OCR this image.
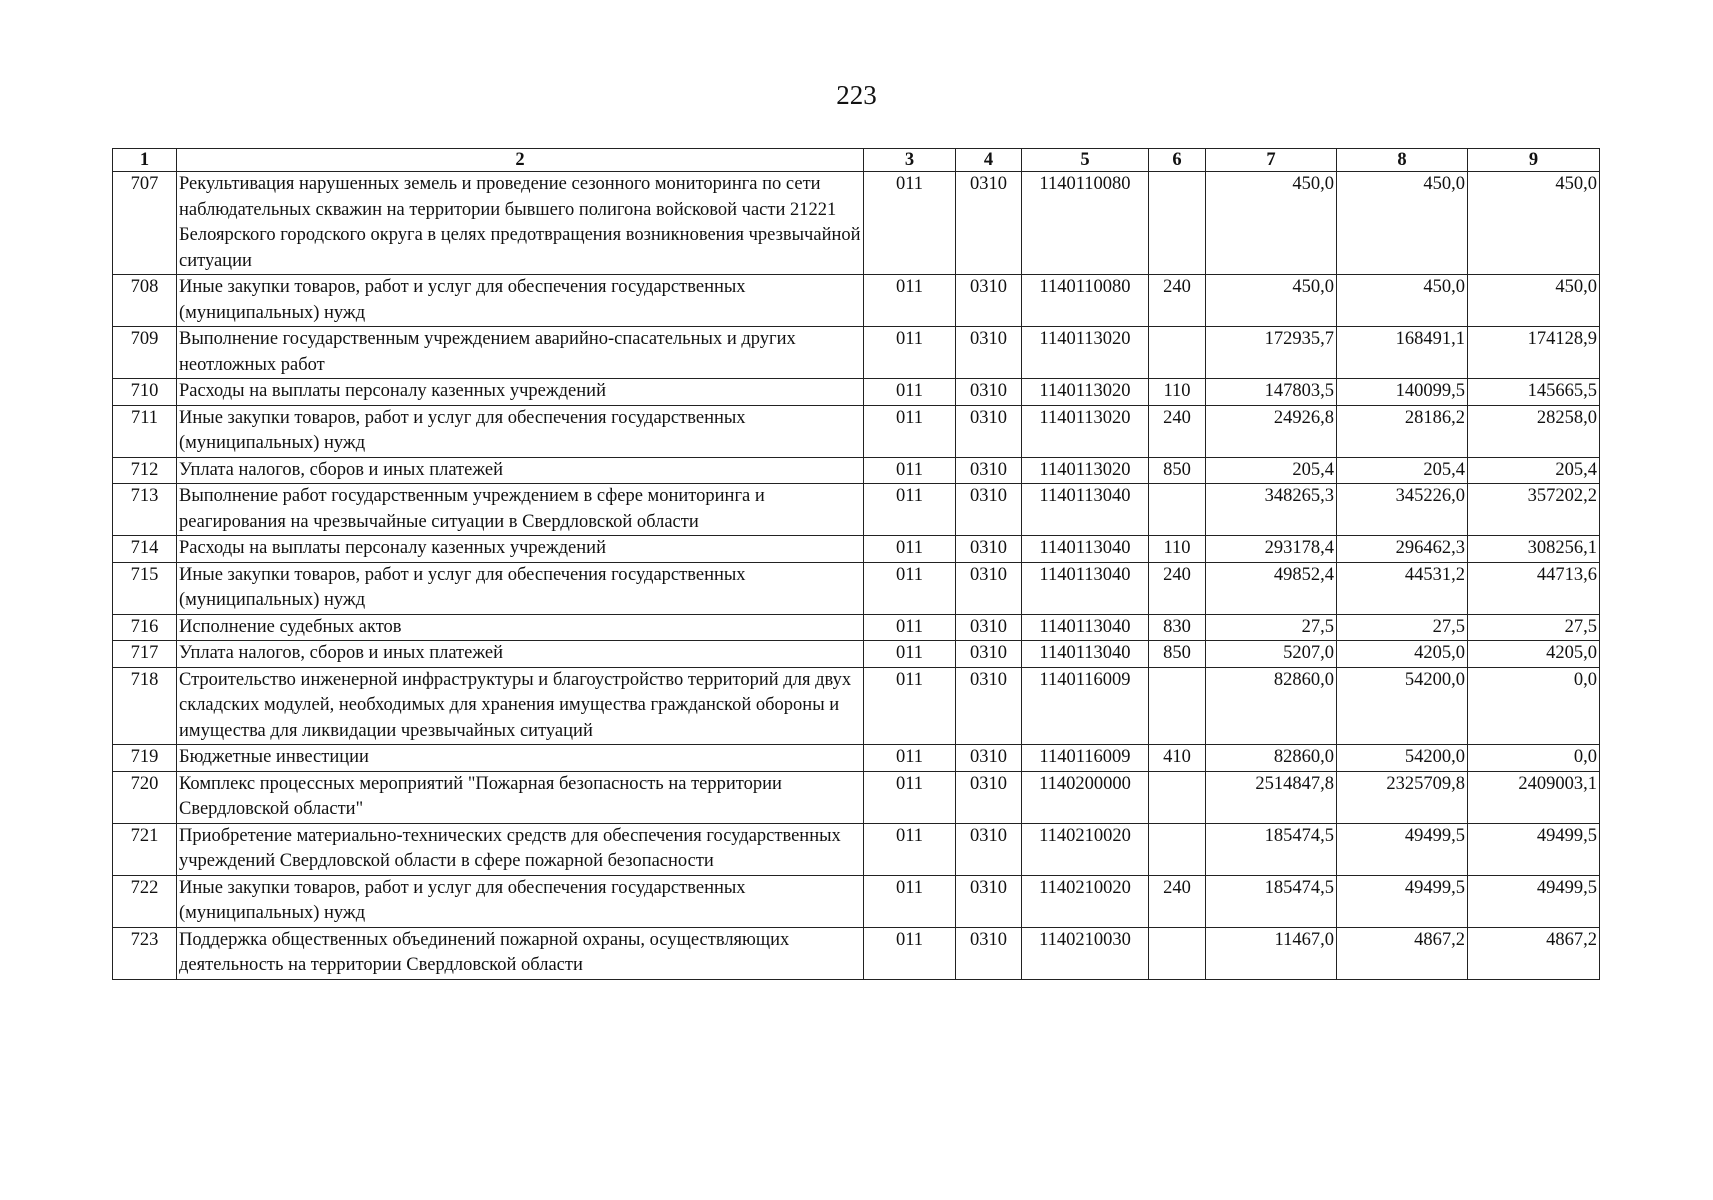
223
1	2	3	4	5	6	7	8	9
707	Рекультивация нарушенных земель и проведение сезонного мониторинга по сети наблюдательных скважин на территории бывшего полигона войсковой части 21221 Белоярского городского округа в целях предотвращения возникновения чрезвычайной ситуации	011	0310	1140110080		450,0	450,0	450,0
708	Иные закупки товаров, работ и услуг для обеспечения государственных (муниципальных) нужд	011	0310	1140110080	240	450,0	450,0	450,0
709	Выполнение государственным учреждением аварийно-спасательных и других неотложных работ	011	0310	1140113020		172935,7	168491,1	174128,9
710	Расходы на выплаты персоналу казенных учреждений	011	0310	1140113020	110	147803,5	140099,5	145665,5
711	Иные закупки товаров, работ и услуг для обеспечения государственных (муниципальных) нужд	011	0310	1140113020	240	24926,8	28186,2	28258,0
712	Уплата налогов, сборов и иных платежей	011	0310	1140113020	850	205,4	205,4	205,4
713	Выполнение работ государственным учреждением в сфере мониторинга и реагирования на чрезвычайные ситуации в Свердловской области	011	0310	1140113040		348265,3	345226,0	357202,2
714	Расходы на выплаты персоналу казенных учреждений	011	0310	1140113040	110	293178,4	296462,3	308256,1
715	Иные закупки товаров, работ и услуг для обеспечения государственных (муниципальных) нужд	011	0310	1140113040	240	49852,4	44531,2	44713,6
716	Исполнение судебных актов	011	0310	1140113040	830	27,5	27,5	27,5
717	Уплата налогов, сборов и иных платежей	011	0310	1140113040	850	5207,0	4205,0	4205,0
718	Строительство инженерной инфраструктуры и благоустройство территорий для двух складских модулей, необходимых для хранения имущества гражданской обороны и имущества для ликвидации чрезвычайных ситуаций	011	0310	1140116009		82860,0	54200,0	0,0
719	Бюджетные инвестиции	011	0310	1140116009	410	82860,0	54200,0	0,0
720	Комплекс процессных мероприятий "Пожарная безопасность на территории Свердловской области"	011	0310	1140200000		2514847,8	2325709,8	2409003,1
721	Приобретение материально-технических средств для обеспечения государственных учреждений Свердловской области в сфере пожарной безопасности	011	0310	1140210020		185474,5	49499,5	49499,5
722	Иные закупки товаров, работ и услуг для обеспечения государственных (муниципальных) нужд	011	0310	1140210020	240	185474,5	49499,5	49499,5
723	Поддержка общественных объединений пожарной охраны, осуществляющих деятельность на территории Свердловской области	011	0310	1140210030		11467,0	4867,2	4867,2
